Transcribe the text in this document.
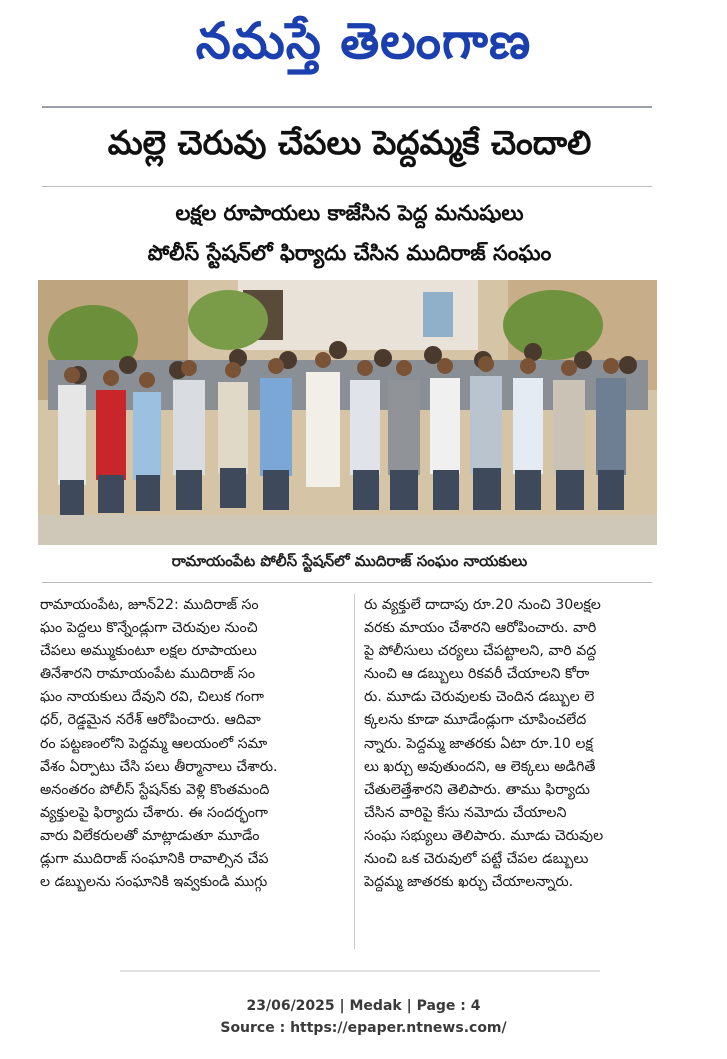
నమస్తే తెలంగాణ
మల్లె చెరువు చేపలు పెద్దమ్మకే చెందాలి
లక్షల రూపాయలు కాజేసిన పెద్ద మనుషులు
పోలీస్ స్టేషన్‌లో ఫిర్యాదు చేసిన ముదిరాజ్ సంఘం
రామాయంపేట పోలీస్ స్టేషన్‌లో ముదిరాజ్ సంఘం నాయకులు
రామాయంపేట, జూన్22: ముదిరాజ్ సం
ఘం పెద్దలు కొన్నేండ్లుగా చెరువుల నుంచి
చేపలు అమ్ముకుంటూ లక్షల రూపాయలు
తినేశారని రామాయంపేట ముదిరాజ్ సం
ఘం నాయకులు దేవుని రవి, చిలుక గంగా
ధర్, రెడ్డమైన నరేశ్ ఆరోపించారు. ఆదివా
రం పట్టణంలోని పెద్దమ్మ ఆలయంలో సమా
వేశం ఏర్పాటు చేసి పలు తీర్మానాలు చేశారు.
అనంతరం పోలీస్ స్టేషన్‌కు వెళ్లి కొంతమంది
వ్యక్తులపై ఫిర్యాదు చేశారు. ఈ సందర్భంగా
వారు విలేకరులతో మాట్లాడుతూ మూడేం
డ్లుగా ముదిరాజ్ సంఘానికి రావాల్సిన చేప
ల డబ్బులను సంఘానికి ఇవ్వకుండి ముగ్గు
రు వ్యక్తులే దాదాపు రూ.20 నుంచి 30లక్షల
వరకు మాయం చేశారని ఆరోపించారు. వారి
పై పోలీసులు చర్యలు చేపట్టాలని, వారి వద్ద
నుంచి ఆ డబ్బులు రికవరీ చేయాలని కోరా
రు. మూడు చెరువులకు చెందిన డబ్బుల లె
క్కలను కూడా మూడేండ్లుగా చూపించలేద
న్నారు. పెద్దమ్మ జాతరకు ఏటా రూ.10 లక్ష
లు ఖర్చు అవుతుందని, ఆ లెక్కలు అడిగితే
చేతులెత్తేశారని తెలిపారు. తాము ఫిర్యాదు
చేసిన వారిపై కేసు నమోదు చేయాలని
సంఘ సభ్యులు తెలిపారు. మూడు చెరువుల
నుంచి ఒక చెరువులో పట్టే చేపల డబ్బులు
పెద్దమ్మ జాతరకు ఖర్చు చేయాలన్నారు.
23/06/2025 | Medak | Page : 4
Source : https://epaper.ntnews.com/
